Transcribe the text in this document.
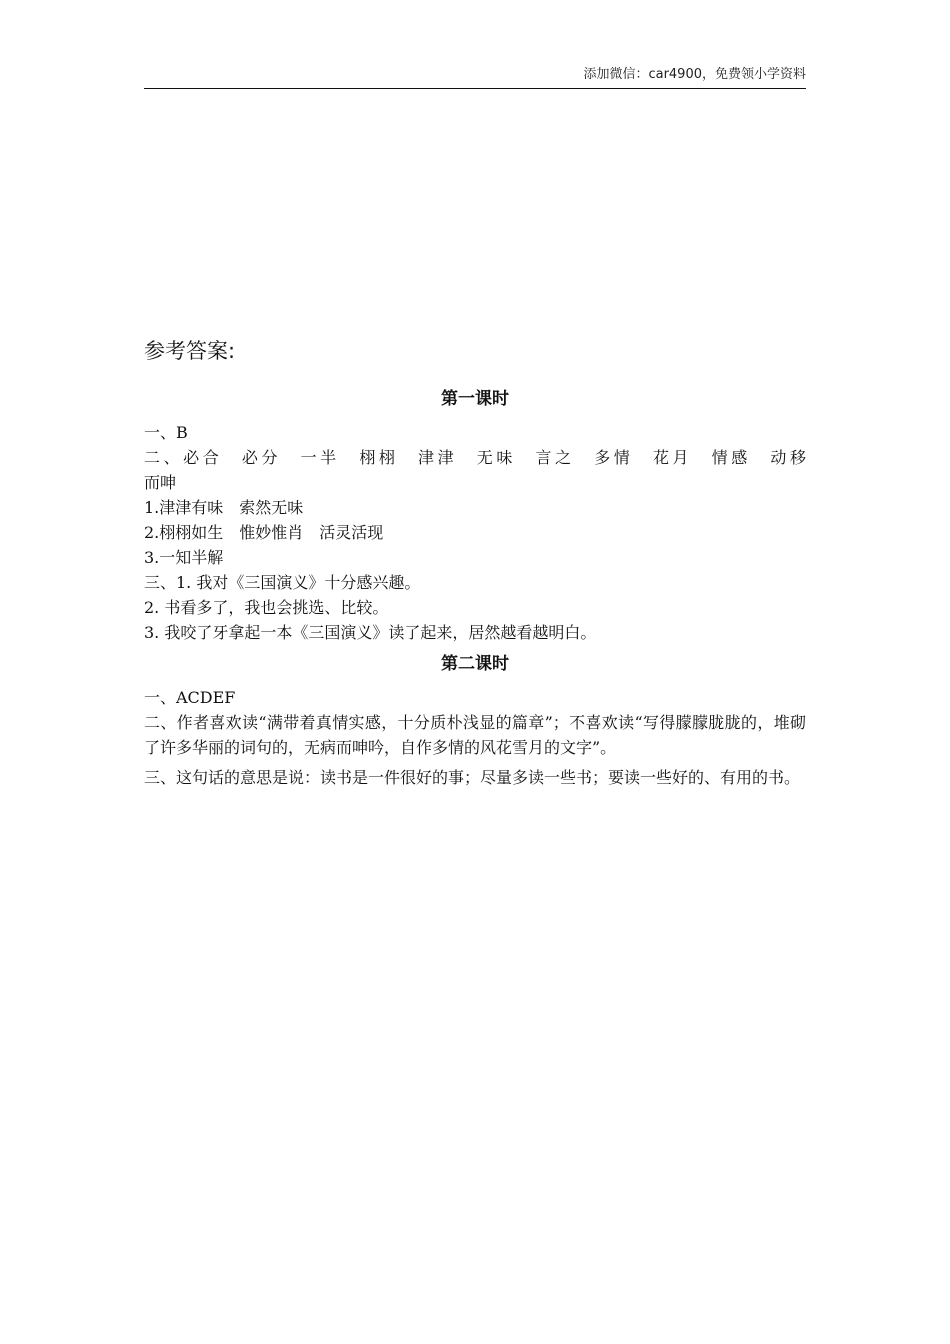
添加微信：car4900，免费领小学资料
参考答案:

第一课时

一、B

二、必合　必分　一半　栩栩　津津　无味　言之　多情　花月　情感　动移

而呻

1.津津有味　索然无味

2.栩栩如生　惟妙惟肖　活灵活现

3.一知半解

三、1. 我对《三国演义》十分感兴趣。

2. 书看多了，我也会挑选、比较。

3. 我咬了牙拿起一本《三国演义》读了起来，居然越看越明白。

第二课时

一、ACDEF

二、作者喜欢读“满带着真情实感，十分质朴浅显的篇章”；不喜欢读“写得朦朦胧胧的，堆砌了许多华丽的词句的，无病而呻吟，自作多情的风花雪月的文字”。

三、这句话的意思是说：读书是一件很好的事；尽量多读一些书；要读一些好的、有用的书。
